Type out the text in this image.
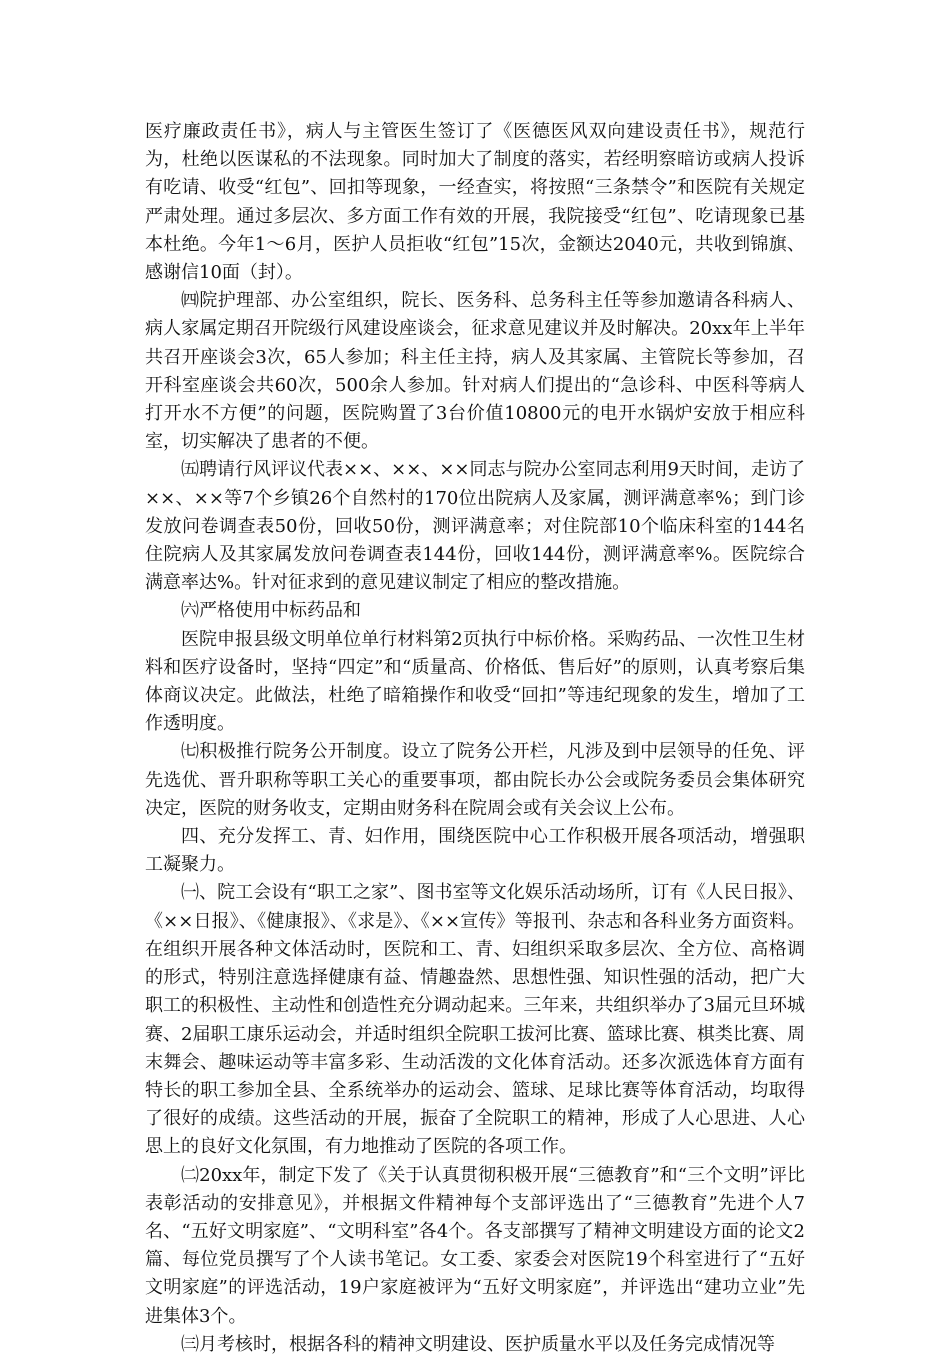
医疗廉政责任书》，病人与主管医生签订了《医德医风双向建设责任书》，规范行为，杜绝以医谋私的不法现象。同时加大了制度的落实，若经明察暗访或病人投诉有吃请、收受“红包”、回扣等现象，一经查实，将按照“三条禁令”和医院有关规定严肃处理。通过多层次、多方面工作有效的开展，我院接受“红包”、吃请现象已基本杜绝。今年1～6月，医护人员拒收“红包”15次，金额达2040元，共收到锦旗、感谢信10面（封）。

㈣院护理部、办公室组织，院长、医务科、总务科主任等参加邀请各科病人、病人家属定期召开院级行风建设座谈会，征求意见建议并及时解决。20xx年上半年共召开座谈会3次，65人参加；科主任主持，病人及其家属、主管院长等参加，召开科室座谈会共60次，500余人参加。针对病人们提出的“急诊科、中医科等病人打开水不方便”的问题，医院购置了3台价值10800元的电开水锅炉安放于相应科室，切实解决了患者的不便。

㈤聘请行风评议代表××、××、××同志与院办公室同志利用9天时间，走访了××、××等7个乡镇26个自然村的170位出院病人及家属，测评满意率%；到门诊发放问卷调查表50份，回收50份，测评满意率；对住院部10个临床科室的144名住院病人及其家属发放问卷调查表144份，回收144份，测评满意率%。医院综合满意率达%。针对征求到的意见建议制定了相应的整改措施。

㈥严格使用中标药品和

医院申报县级文明单位单行材料第2页执行中标价格。采购药品、一次性卫生材料和医疗设备时，坚持“四定”和“质量高、价格低、售后好”的原则，认真考察后集体商议决定。此做法，杜绝了暗箱操作和收受“回扣”等违纪现象的发生，增加了工作透明度。

㈦积极推行院务公开制度。设立了院务公开栏，凡涉及到中层领导的任免、评先选优、晋升职称等职工关心的重要事项，都由院长办公会或院务委员会集体研究决定，医院的财务收支，定期由财务科在院周会或有关会议上公布。

四、充分发挥工、青、妇作用，围绕医院中心工作积极开展各项活动，增强职工凝聚力。

㈠、院工会设有“职工之家”、图书室等文化娱乐活动场所，订有《人民日报》、《××日报》、《健康报》、《求是》、《××宣传》等报刊、杂志和各科业务方面资料。在组织开展各种文体活动时，医院和工、青、妇组织采取多层次、全方位、高格调的形式，特别注意选择健康有益、情趣盎然、思想性强、知识性强的活动，把广大职工的积极性、主动性和创造性充分调动起来。三年来，共组织举办了3届元旦环城赛、2届职工康乐运动会，并适时组织全院职工拔河比赛、篮球比赛、棋类比赛、周末舞会、趣味运动等丰富多彩、生动活泼的文化体育活动。还多次派选体育方面有特长的职工参加全县、全系统举办的运动会、篮球、足球比赛等体育活动，均取得了很好的成绩。这些活动的开展，振奋了全院职工的精神，形成了人心思进、人心思上的良好文化氛围，有力地推动了医院的各项工作。

㈡20xx年，制定下发了《关于认真贯彻积极开展“三德教育”和“三个文明”评比表彰活动的安排意见》，并根据文件精神每个支部评选出了“三德教育”先进个人7名、“五好文明家庭”、“文明科室”各4个。各支部撰写了精神文明建设方面的论文2篇、每位党员撰写了个人读书笔记。女工委、家委会对医院19个科室进行了“五好文明家庭”的评选活动，19户家庭被评为“五好文明家庭”，并评选出“建功立业”先进集体3个。

㈢月考核时，根据各科的精神文明建设、医护质量水平以及任务完成情况等
